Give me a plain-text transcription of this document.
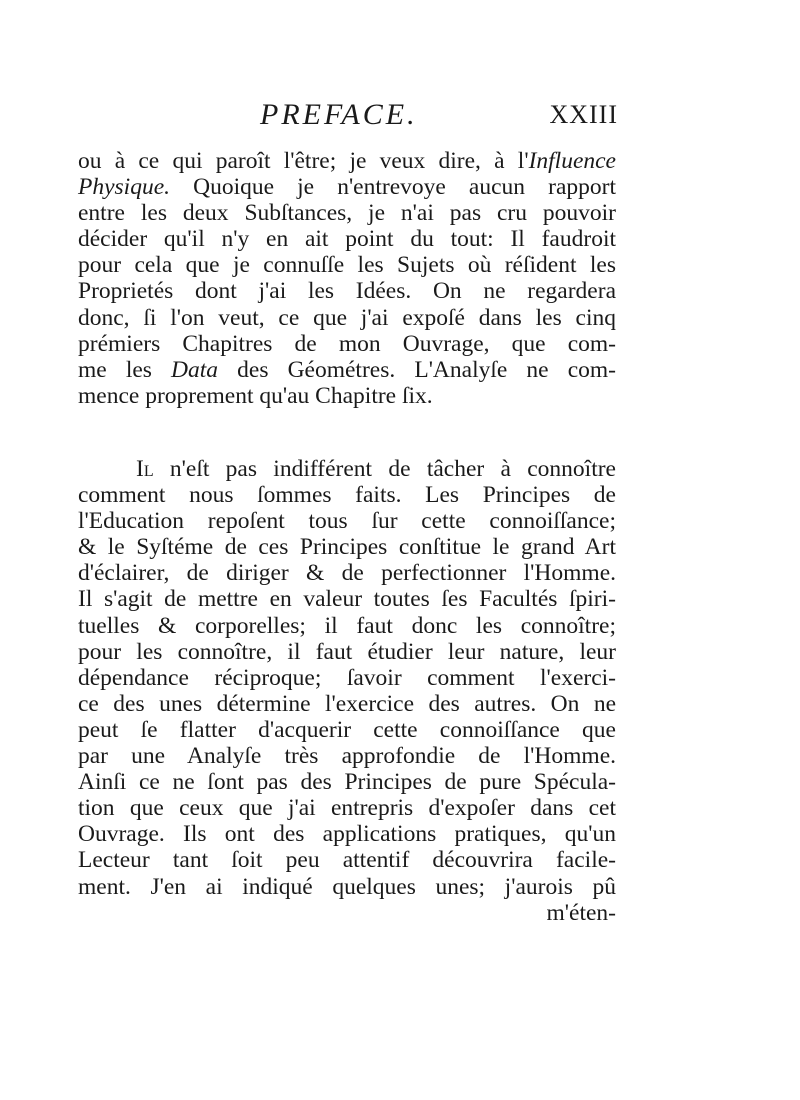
PREFACE.	XXIII
ou à ce qui paroît l'être; je veux dire, à l'Influence
Physique. Quoique je n'entrevoye aucun rapport
entre les deux Subſtances, je n'ai pas cru pouvoir
décider qu'il n'y en ait point du tout: Il faudroit
pour cela que je connuſſe les Sujets où réſident les
Proprietés dont j'ai les Idées. On ne regardera
donc, ſi l'on veut, ce que j'ai expoſé dans les cinq
prémiers Chapitres de mon Ouvrage, que com-
me les Data des Géométres. L'Analyſe ne com-
mence proprement qu'au Chapitre ſix.
Il n'eſt pas indifférent de tâcher à connoître
comment nous ſommes faits. Les Principes de
l'Education repoſent tous ſur cette connoiſſance;
& le Syſtéme de ces Principes conſtitue le grand Art
d'éclairer, de diriger & de perfectionner l'Homme.
Il s'agit de mettre en valeur toutes ſes Facultés ſpiri-
tuelles & corporelles; il faut donc les connoître;
pour les connoître, il faut étudier leur nature, leur
dépendance réciproque; ſavoir comment l'exerci-
ce des unes détermine l'exercice des autres. On ne
peut ſe flatter d'acquerir cette connoiſſance que
par une Analyſe très approfondie de l'Homme.
Ainſi ce ne ſont pas des Principes de pure Spécula-
tion que ceux que j'ai entrepris d'expoſer dans cet
Ouvrage. Ils ont des applications pratiques, qu'un
Lecteur tant ſoit peu attentif découvrira facile-
ment. J'en ai indiqué quelques unes; j'aurois pû
m'éten-
